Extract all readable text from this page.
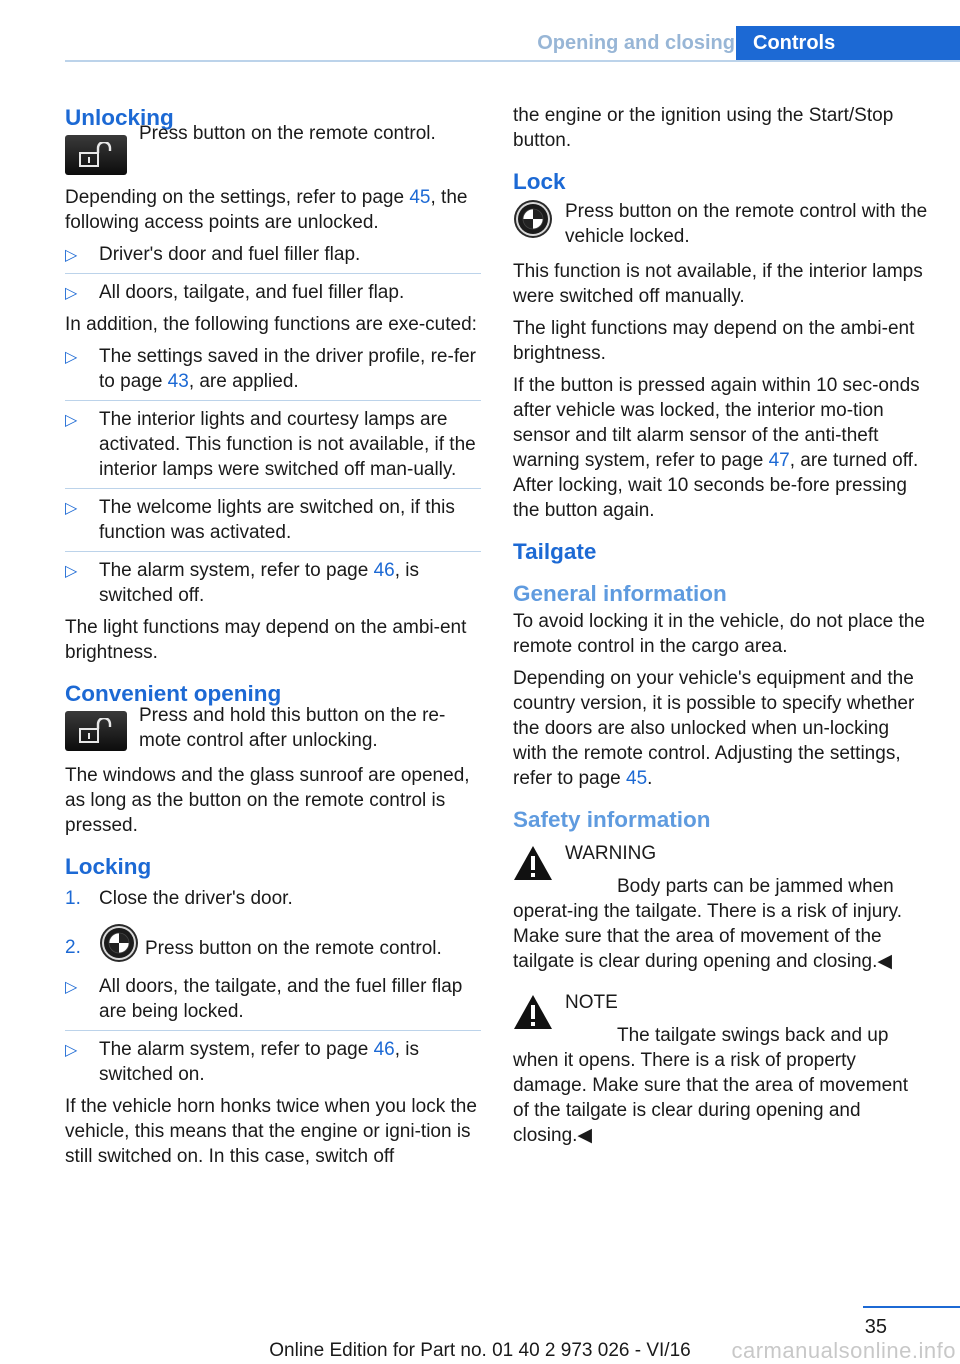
Opening and closing Controls
Unlocking
Press button on the remote control.

Depending on the settings, refer to page 45, the following access points are unlocked.

▷ Driver's door and fuel filler flap.
▷ All doors, tailgate, and fuel filler flap.

In addition, the following functions are exe‐cuted:

▷ The settings saved in the driver profile, re‐fer to page 43, are applied.
▷ The interior lights and courtesy lamps are activated. This function is not available, if the interior lamps were switched off man‐ually.
▷ The welcome lights are switched on, if this function was activated.
▷ The alarm system, refer to page 46, is switched off.

The light functions may depend on the ambi‐ent brightness.

Convenient opening
Press and hold this button on the re‐mote control after unlocking.

The windows and the glass sunroof are opened, as long as the button on the remote control is pressed.

Locking
1. Close the driver's door.
2.	Press button on the remote control.
▷ All doors, the tailgate, and the fuel filler flap are being locked.
▷ The alarm system, refer to page 46, is switched on.

If the vehicle horn honks twice when you lock the vehicle, this means that the engine or igni‐tion is still switched on. In this case, switch off

the engine or the ignition using the Start/Stop button.

Lock
Press button on the remote control with the vehicle locked.

This function is not available, if the interior lamps were switched off manually.

The light functions may depend on the ambi‐ent brightness.

If the button is pressed again within 10 sec‐onds after vehicle was locked, the interior mo‐tion sensor and tilt alarm sensor of the anti-theft warning system, refer to page 47, are turned off. After locking, wait 10 seconds be‐fore pressing the button again.

Tailgate
General information

To avoid locking it in the vehicle, do not place the remote control in the cargo area.

Depending on your vehicle's equipment and the country version, it is possible to specify whether the doors are also unlocked when un‐locking with the remote control. Adjusting the settings, refer to page 45.

Safety information
WARNING
Body parts can be jammed when operat‐ing the tailgate. There is a risk of injury. Make sure that the area of movement of the tailgate is clear during opening and closing.◀
NOTE
The tailgate swings back and up when it opens. There is a risk of property damage. Make sure that the area of movement of the tailgate is clear during opening and closing.◀
35
Online Edition for Part no. 01 40 2 973 026 - VI/16	carmanualsonline.info
